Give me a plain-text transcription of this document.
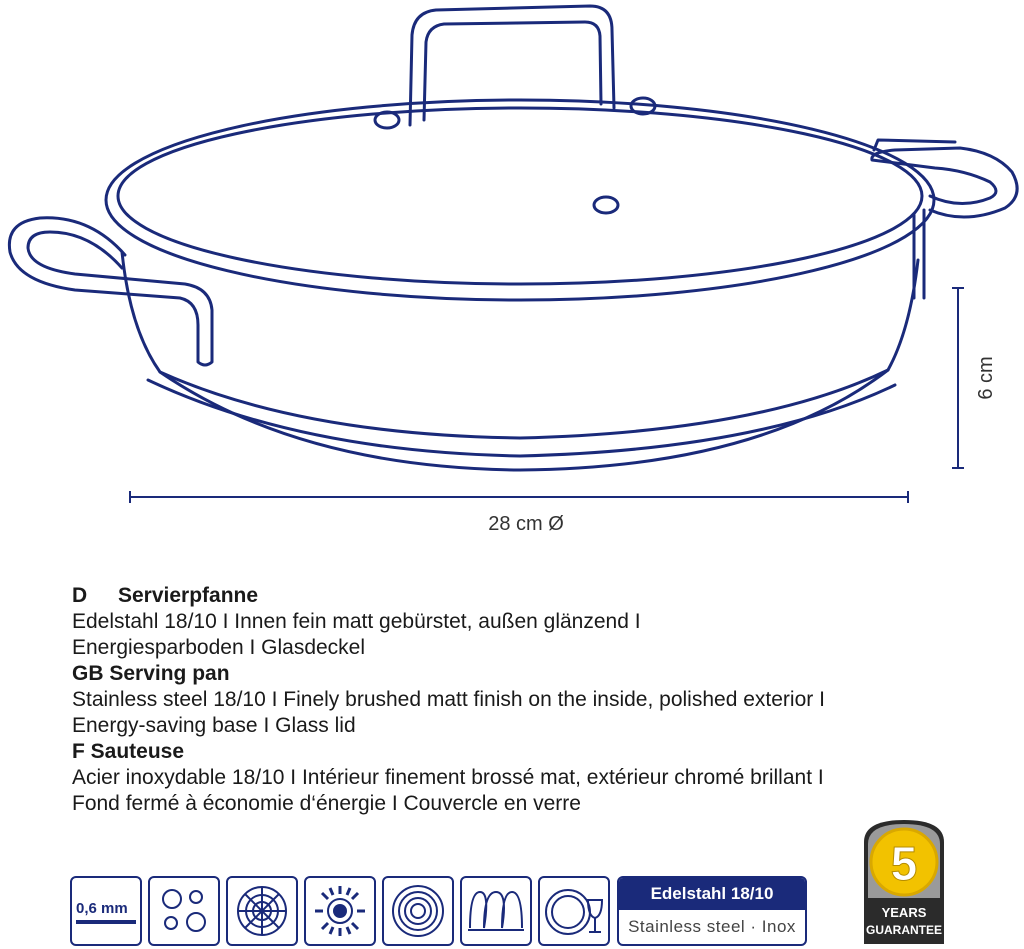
6 cm
28 cm Ø
D Servierpfanne
Edelstahl 18/10 I Innen fein matt gebürstet, außen glänzend I
Energiesparboden I Glasdeckel
GB Serving pan
Stainless steel 18/10 I Finely brushed matt finish on the inside, polished exterior I
Energy-saving base I Glass lid
F Sauteuse
Acier inoxydable 18/10 I Intérieur finement brossé mat, extérieur chromé brillant I
Fond fermé à économie d‘énergie I Couvercle en verre
0,6 mm
Edelstahl 18/10
Stainless steel · Inox
5
YEARS
GUARANTEE
